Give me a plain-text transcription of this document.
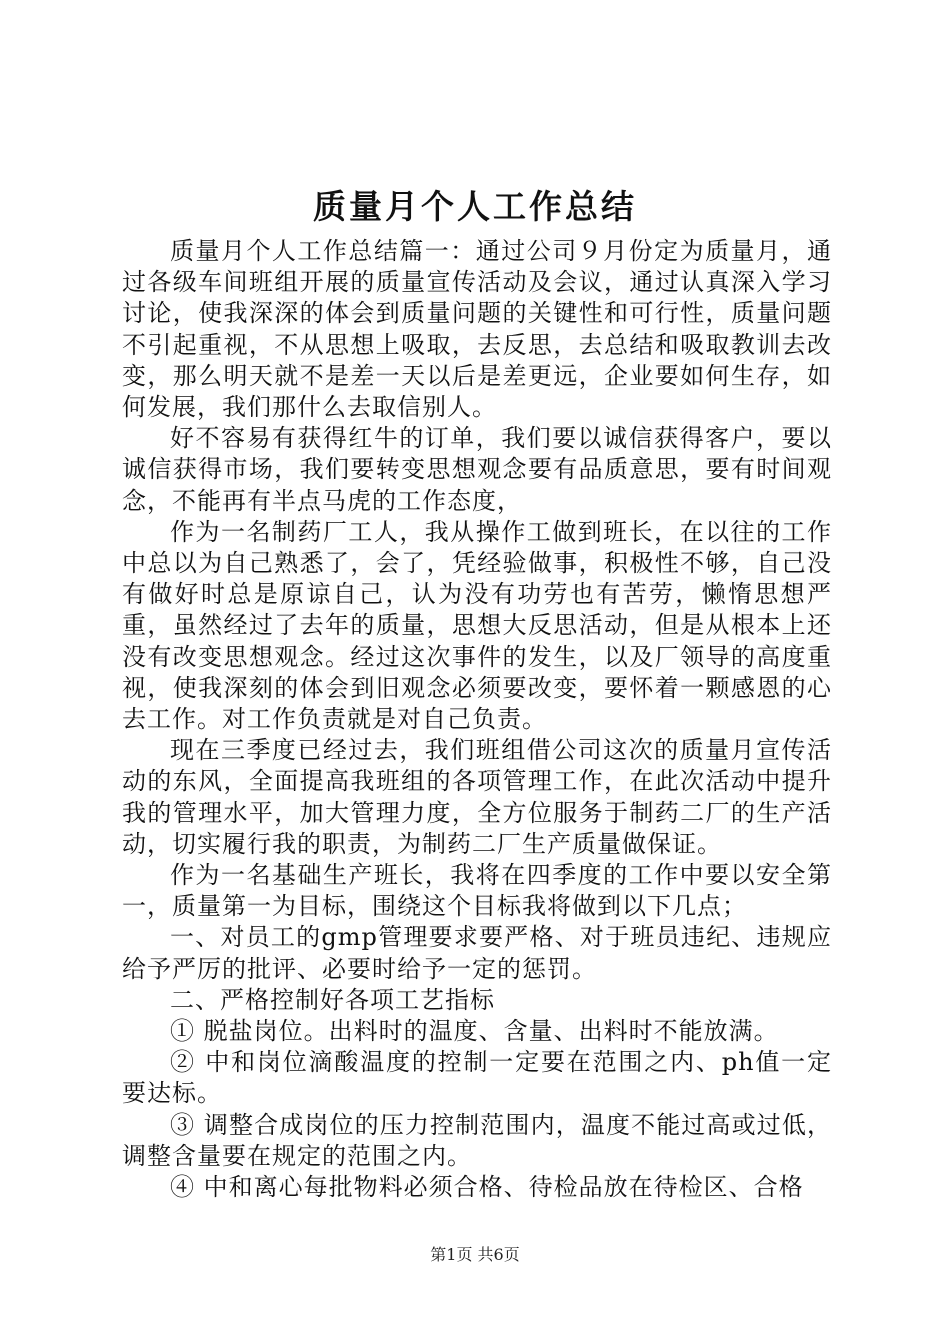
质量月个人工作总结

质量月个人工作总结篇一：通过公司９月份定为质量月，通过各级车间班组开展的质量宣传活动及会议，通过认真深入学习讨论，使我深深的体会到质量问题的关键性和可行性，质量问题不引起重视，不从思想上吸取，去反思，去总结和吸取教训去改变，那么明天就不是差一天以后是差更远，企业要如何生存，如何发展，我们那什么去取信别人。

好不容易有获得红牛的订单，我们要以诚信获得客户，要以诚信获得市场，我们要转变思想观念要有品质意思，要有时间观念，不能再有半点马虎的工作态度，

作为一名制药厂工人，我从操作工做到班长，在以往的工作中总以为自己熟悉了，会了，凭经验做事，积极性不够，自己没有做好时总是原谅自己，认为没有功劳也有苦劳，懒惰思想严重，虽然经过了去年的质量，思想大反思活动，但是从根本上还没有改变思想观念。经过这次事件的发生，以及厂领导的高度重视，使我深刻的体会到旧观念必须要改变，要怀着一颗感恩的心去工作。对工作负责就是对自己负责。

现在三季度已经过去，我们班组借公司这次的质量月宣传活动的东风，全面提高我班组的各项管理工作，在此次活动中提升我的管理水平，加大管理力度，全方位服务于制药二厂的生产活动，切实履行我的职责，为制药二厂生产质量做保证。

作为一名基础生产班长，我将在四季度的工作中要以安全第一，质量第一为目标，围绕这个目标我将做到以下几点；

一、对员工的gmp管理要求要严格、对于班员违纪、违规应给予严厉的批评、必要时给予一定的惩罚。

二、严格控制好各项工艺指标

① 脱盐岗位。出料时的温度、含量、出料时不能放满。

② 中和岗位滴酸温度的控制一定要在范围之内、ph值一定要达标。

③ 调整合成岗位的压力控制范围内，温度不能过高或过低，调整含量要在规定的范围之内。

④ 中和离心每批物料必须合格、待检品放在待检区、合格

第1页 共6页
